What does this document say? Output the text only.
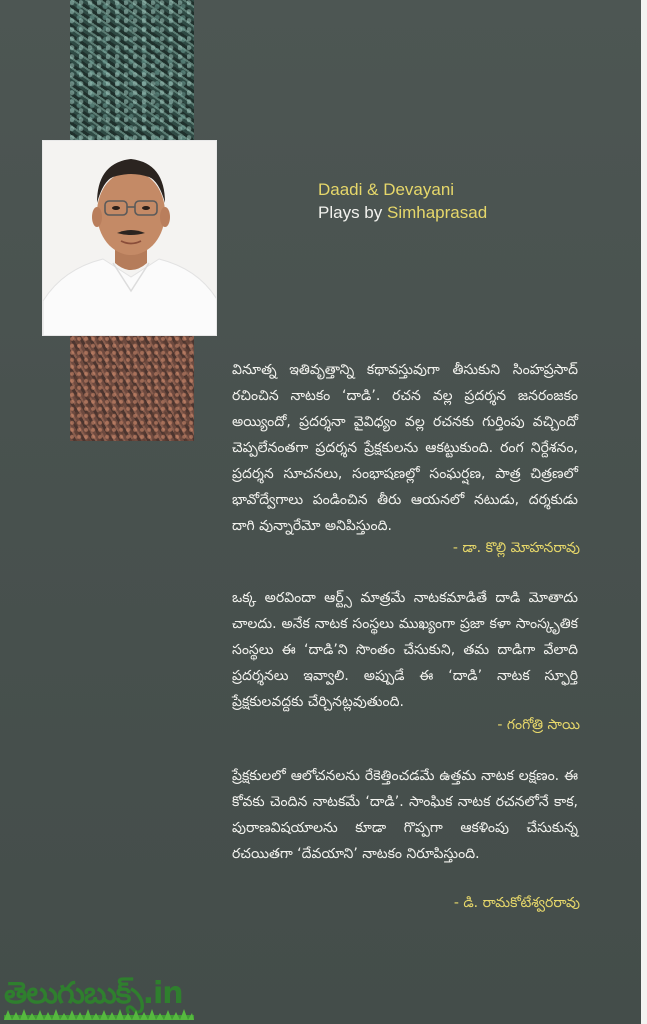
Daadi & Devayani
Plays by Simhaprasad
వినూత్న ఇతివృత్తాన్ని కథావస్తువుగా తీసుకుని సింహప్రసాద్ రచించిన నాటకం ‘దాడి’. రచన వల్ల ప్రదర్శన జనరంజకం అయ్యిందో, ప్రదర్శనా వైవిధ్యం వల్ల రచనకు గుర్తింపు వచ్చిందో చెప్పలేనంతగా ప్రదర్శన ప్రేక్షకులను ఆకట్టుకుంది. రంగ నిర్దేశనం, ప్రదర్శన సూచనలు, సంభాషణల్లో సంఘర్షణ, పాత్ర చిత్రణలో భావోద్వేగాలు పండించిన తీరు ఆయనలో నటుడు, దర్శకుడు దాగి వున్నారేమో అనిపిస్తుంది.
- డా. కొల్లి మోహనరావు
ఒక్క అరవిందా ఆర్ట్స్ మాత్రమే నాటకమాడితే దాడి మోతాదు చాలదు. అనేక నాటక సంస్థలు ముఖ్యంగా ప్రజా కళా సాంస్కృతిక సంస్థలు ఈ ‘దాడి’ని సొంతం చేసుకుని, తమ దాడిగా వేలాది ప్రదర్శనలు ఇవ్వాలి. అప్పుడే ఈ ‘దాడి’ నాటక స్ఫూర్తి ప్రేక్షకులవద్దకు చేర్చినట్లవుతుంది.
- గంగోత్రి సాయి
ప్రేక్షకులలో ఆలోచనలను రేకెత్తించడమే ఉత్తమ నాటక లక్షణం. ఈ కోవకు చెందిన నాటకమే ‘దాడి’. సాంఘిక నాటక రచనలోనే కాక, పురాణవిషయాలను కూడా గొప్పగా ఆకళింపు చేసుకున్న రచయితగా ‘దేవయాని’ నాటకం నిరూపిస్తుంది.
- డి. రామకోటేశ్వరరావు
తెలుగుబుక్స్.in
